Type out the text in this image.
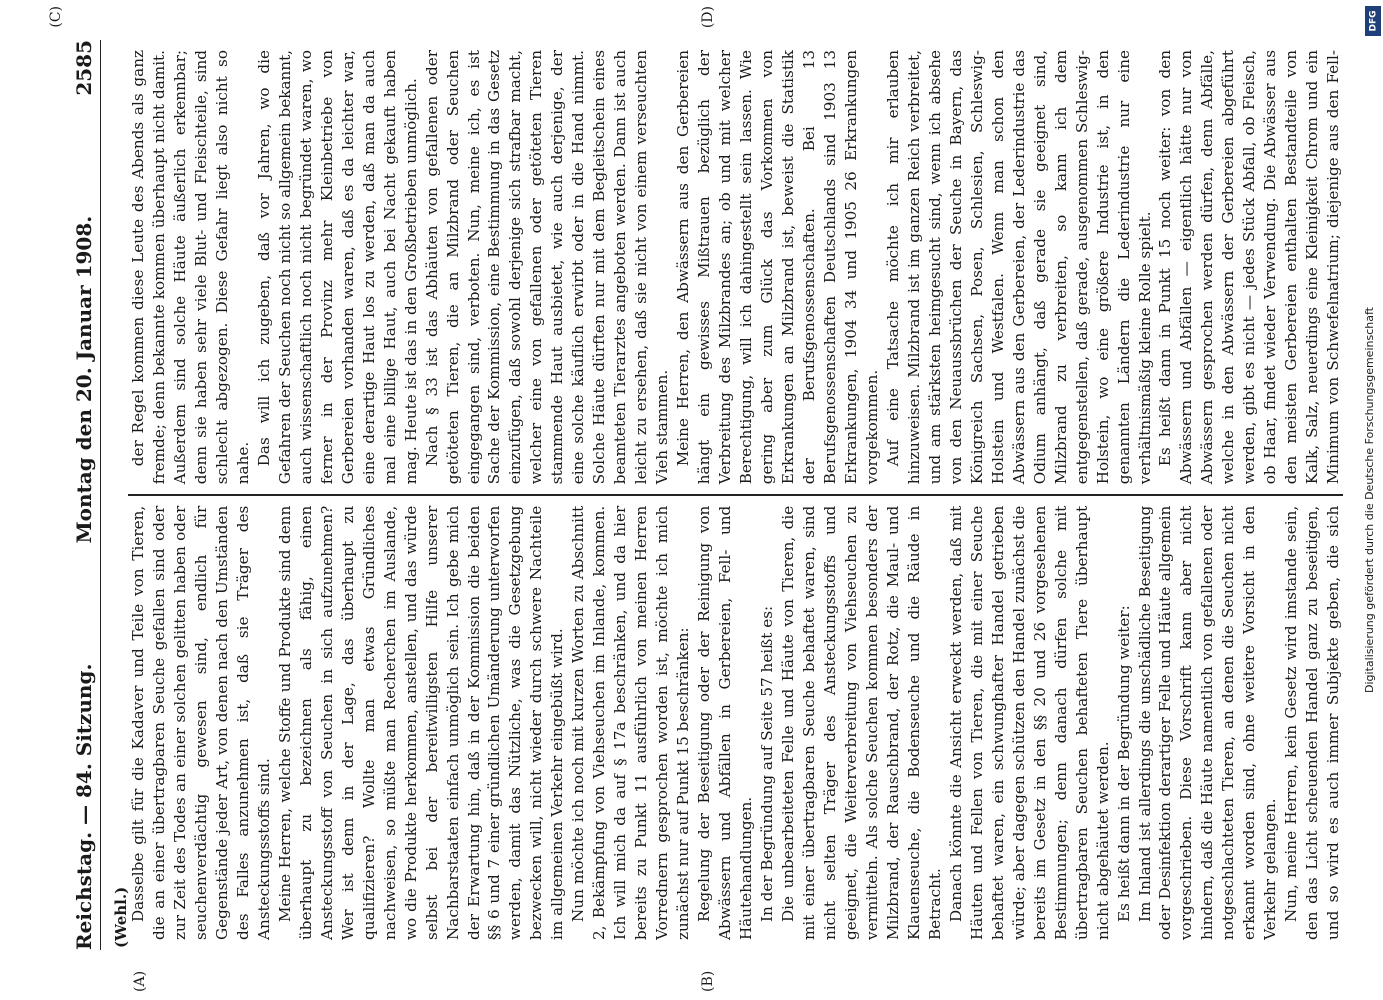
Reichstag. — 84. Sitzung.
Montag den 20. Januar 1908.
2585
(Wehl.)
(A)	(B)
(C)	(D)

Dasselbe gilt für die Kadaver und Teile von Tieren, die an einer übertragbaren Seuche gefallen sind oder zur Zeit des Todes an einer solchen gelitten haben oder seuchenverdächtig gewesen sind, endlich für Gegenstände jeder Art, von denen nach den Umständen des Falles anzunehmen ist, daß sie Träger des Ansteckungsstoffs sind. Meine Herren, welche Stoffe und Produkte sind denn überhaupt zu bezeichnen als fähig, einen Ansteckungsstoff von Seuchen in sich aufzunehmen? Wer ist denn in der Lage, das überhaupt zu qualifizieren? Wollte man etwas Gründliches nachweisen, so müßte man Recherchen im Auslande, wo die Produkte herkommen, anstellen, und das würde selbst bei der bereitwilligsten Hilfe unserer Nachbarstaaten einfach unmöglich sein. Ich gebe mich der Erwartung hin, daß in der Kommission die beiden §§ 6 und 7 einer gründlichen Umänderung unterworfen werden, damit das Nützliche, was die Gesetzgebung bezwecken will, nicht wieder durch schwere Nachteile im allgemeinen Verkehr eingebüßt wird. Nun möchte ich noch mit kurzen Worten zu Abschnitt 2, Bekämpfung von Viehseuchen im Inlande, kommen. Ich will mich da auf § 17a beschränken, und da hier bereits zu Punkt 11 ausführlich von meinen Herren Vorrednern gesprochen worden ist, möchte ich mich zunächst nur auf Punkt 15 beschränken: Regelung der Beseitigung oder der Reinigung von Abwässern und Abfällen in Gerbereien, Fell- und Häutehandlungen. In der Begründung auf Seite 57 heißt es: Die unbearbeiteten Felle und Häute von Tieren, die mit einer übertragbaren Seuche behaftet waren, sind nicht selten Träger des Ansteckungsstoffs und geeignet, die Weiterverbreitung von Viehseuchen zu vermitteln. Als solche Seuchen kommen besonders der Milzbrand, der Rauschbrand, der Rotz, die Maul- und Klauenseuche, die Bodenseuche und die Räude in Betracht. Danach könnte die Ansicht erweckt werden, daß mit Häuten und Fellen von Tieren, die mit einer Seuche behaftet waren, ein schwunghafter Handel getrieben würde; aber dagegen schützen den Handel zunächst die bereits im Gesetz in den §§ 20 und 26 vorgesehenen Bestimmungen; denn danach dürfen solche mit übertragbaren Seuchen behafteten Tiere überhaupt nicht abgehäutet werden. Es heißt dann in der Begründung weiter: Im Inland ist allerdings die unschädliche Beseitigung oder Desinfektion derartiger Felle und Häute allgemein vorgeschrieben. Diese Vorschrift kann aber nicht hindern, daß die Häute namentlich von gefallenen oder notgeschlachteten Tieren, an denen die Seuchen nicht erkannt worden sind, ohne weitere Vorsicht in den Verkehr gelangen. Nun, meine Herren, kein Gesetz wird imstande sein, den das Licht scheuenden Handel ganz zu beseitigen, und so wird es auch immer Subjekte geben, die sich

der Regel kommen diese Leute des Abends als ganz fremde; denn bekannte kommen überhaupt nicht damit. Außerdem sind solche Häute äußerlich erkennbar; denn sie haben sehr viele Blut- und Fleischteile, sind schlecht abgezogen. Diese Gefahr liegt also nicht so nahe. Das will ich zugeben, daß vor Jahren, wo die Gefahren der Seuchen noch nicht so allgemein bekannt, auch wissenschaftlich noch nicht begründet waren, wo ferner in der Provinz mehr Kleinbetriebe von Gerbereien vorhanden waren, daß es da leichter war, eine derartige Haut los zu werden, daß man da auch mal eine billige Haut, auch bei Nacht gekauft haben mag. Heute ist das in den Großbetrieben unmöglich. Nach § 33 ist das Abhäuten von gefallenen oder getöteten Tieren, die an Milzbrand oder Seuchen eingegangen sind, verboten. Nun, meine ich, es ist Sache der Kommission, eine Bestimmung in das Gesetz einzufügen, daß sowohl derjenige sich strafbar macht, welcher eine von gefallenen oder getöteten Tieren stammende Haut ausbietet, wie auch derjenige, der eine solche käuflich erwirbt oder in die Hand nimmt. Solche Häute dürften nur mit dem Begleitschein eines beamteten Tierarztes angeboten werden. Dann ist auch leicht zu ersehen, daß sie nicht von einem verseuchten Vieh stammen. Meine Herren, den Abwässern aus den Gerbereien hängt ein gewisses Mißtrauen bezüglich der Verbreitung des Milzbrandes an; ob und mit welcher Berechtigung, will ich dahingestellt sein lassen. Wie gering aber zum Glück das Vorkommen von Erkrankungen an Milzbrand ist, beweist die Statistik der Berufsgenossenschaften. Bei 13 Berufsgenossenschaften Deutschlands sind 1903 13 Erkrankungen, 1904 34 und 1905 26 Erkrankungen vorgekommen. Auf eine Tatsache möchte ich mir erlauben hinzuweisen. Milzbrand ist im ganzen Reich verbreitet, und am stärksten heimgesucht sind, wenn ich absehe von den Neuaussbrüchen der Seuche in Bayern, das Königreich Sachsen, Posen, Schlesien, Schleswig-Holstein und Westfalen. Wenn man schon den Abwässern aus den Gerbereien, der Lederindustrie das Odium anhängt, daß gerade sie geeignet sind, Milzbrand zu verbreiten, so kann ich dem entgegenstellen, daß gerade, ausgenommen Schleswig-Holstein, wo eine größere Industrie ist, in den genannten Ländern die Lederindustrie nur eine verhältnismäßig kleine Rolle spielt. Es heißt dann in Punkt 15 noch weiter: von den Abwässern und Abfällen — eigentlich hätte nur von Abwässern gesprochen werden dürfen, denn Abfälle, welche in den Abwässern der Gerbereien abgeführt werden, gibt es nicht — jedes Stück Abfall, ob Fleisch, ob Haar, findet wieder Verwendung. Die Abwässer aus den meisten Gerbereien enthalten Bestandteile von Kalk, Salz, neuerdings eine Kleinigkeit Chrom und ein Minimum von Schwefelnatrium; diejenige aus den Fell-

DFG
Digitalisierung gefördert durch die Deutsche Forschungsgemeinschaft
